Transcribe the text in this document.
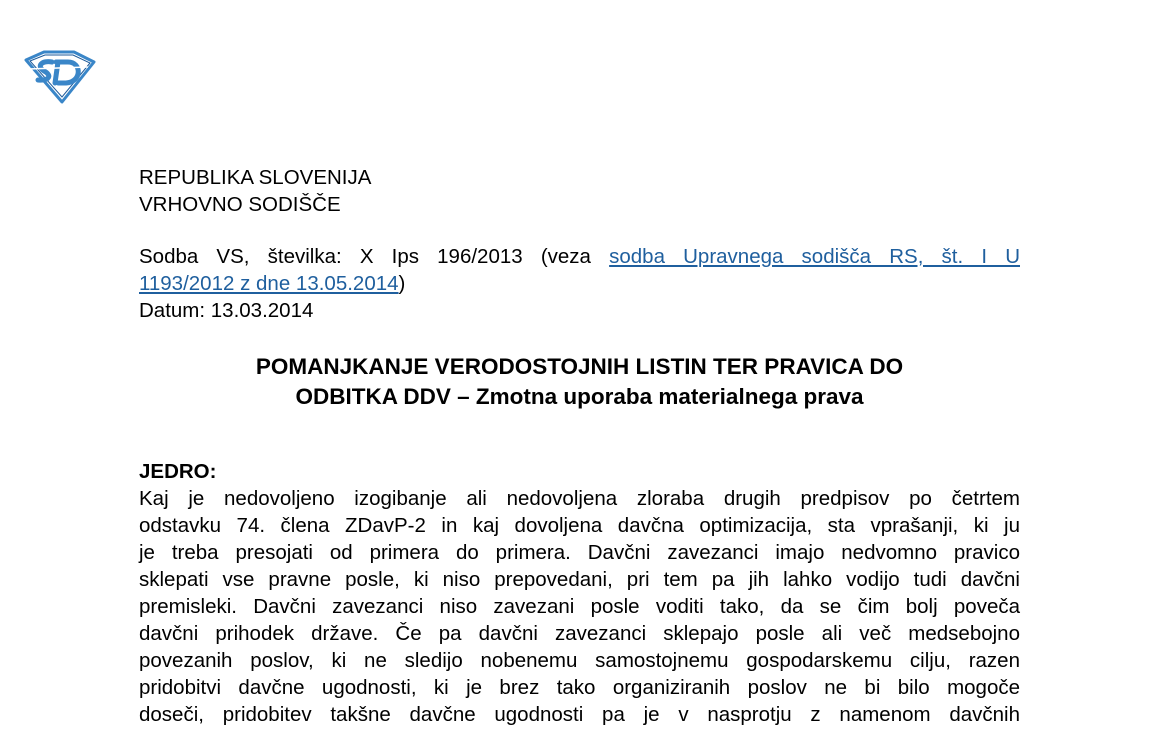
REPUBLIKA SLOVENIJA
VRHOVNO SODIŠČE
Sodba VS, številka: X Ips 196/2013 (veza sodba Upravnega sodišča RS, št. I U
1193/2012 z dne 13.05.2014)
Datum: 13.03.2014
POMANJKANJE VERODOSTOJNIH LISTIN TER PRAVICA DO
ODBITKA DDV – Zmotna uporaba materialnega prava
JEDRO:
Kaj je nedovoljeno izogibanje ali nedovoljena zloraba drugih predpisov po četrtem
odstavku 74. člena ZDavP-2 in kaj dovoljena davčna optimizacija, sta vprašanji, ki ju
je treba presojati od primera do primera. Davčni zavezanci imajo nedvomno pravico
sklepati vse pravne posle, ki niso prepovedani, pri tem pa jih lahko vodijo tudi davčni
premisleki. Davčni zavezanci niso zavezani posle voditi tako, da se čim bolj poveča
davčni prihodek države. Če pa davčni zavezanci sklepajo posle ali več medsebojno
povezanih poslov, ki ne sledijo nobenemu samostojnemu gospodarskemu cilju, razen
pridobitvi davčne ugodnosti, ki je brez tako organiziranih poslov ne bi bilo mogoče
doseči, pridobitev takšne davčne ugodnosti pa je v nasprotju z namenom davčnih
